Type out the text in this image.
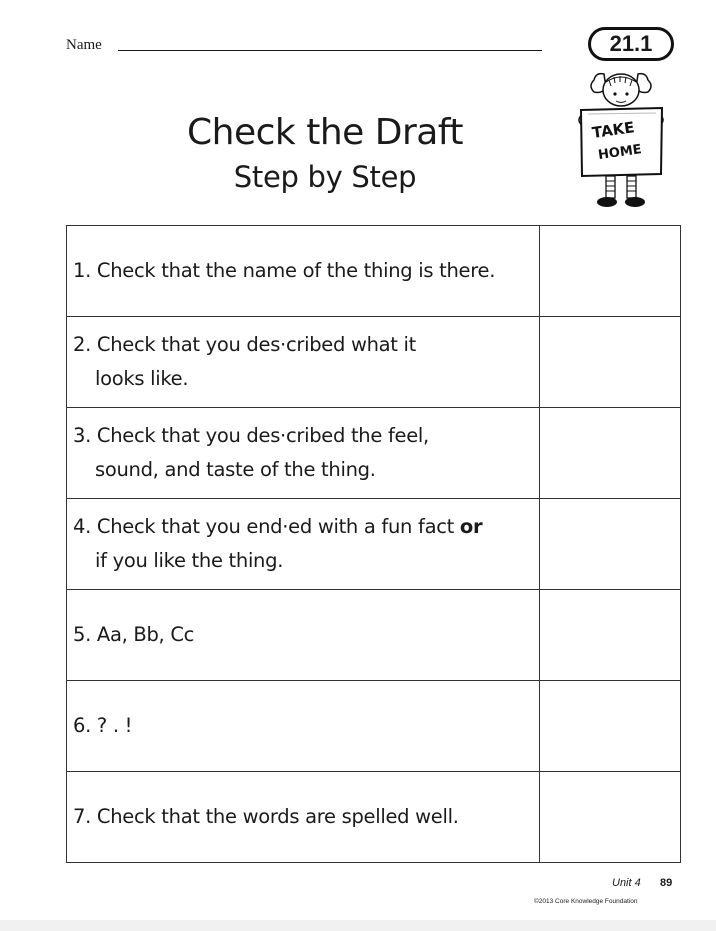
Name	21.1
TAKE
HOME
Check the Draft
Step by Step
1. Check that the name of the thing is there.	

2. Check that you des·cribed what it
looks like.	

3. Check that you des·cribed the feel,
sound, and taste of the thing.	

4. Check that you end·ed with a fun fact or
if you like the thing.	

5. Aa, Bb, Cc	
6. ? . !	
7. Check that the words are spelled well.	
Unit 4 89
©2013 Core Knowledge Foundation
